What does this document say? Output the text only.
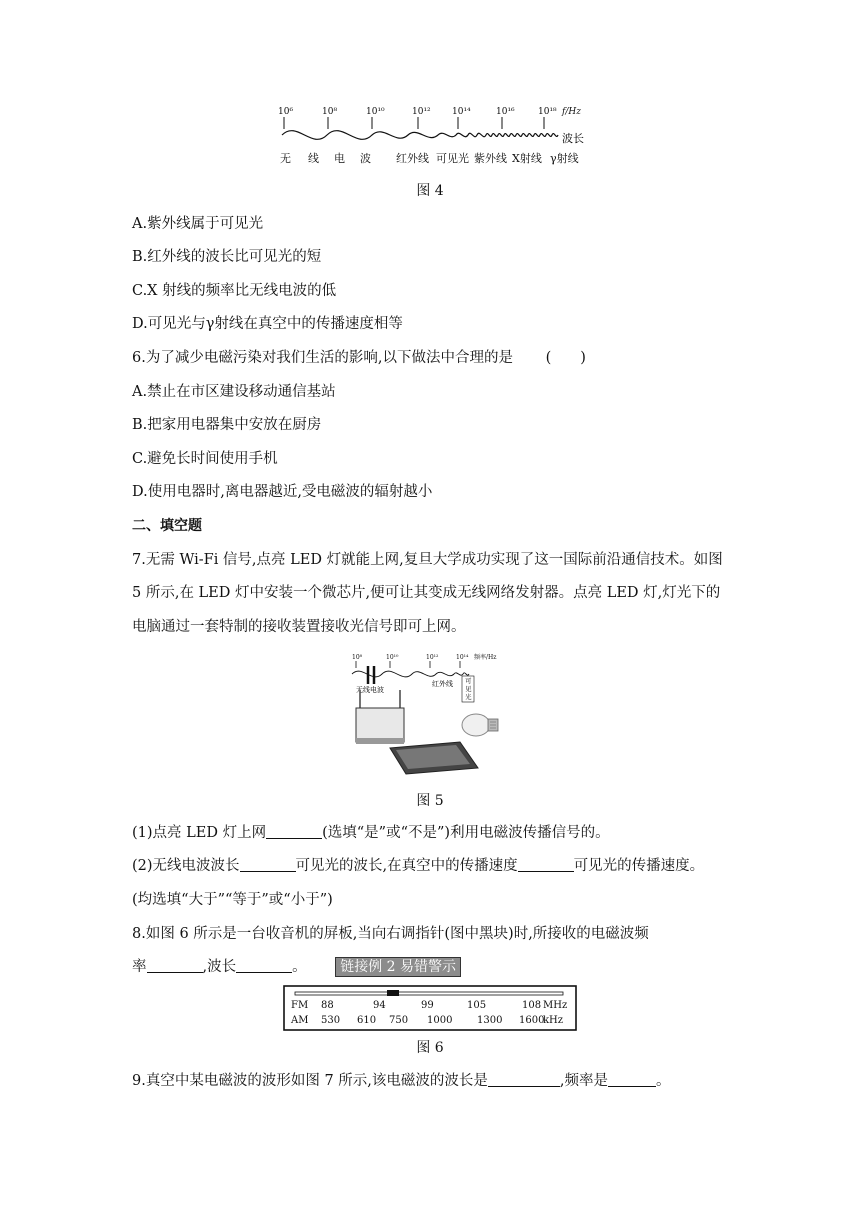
10⁶	10⁸	10¹⁰	10¹² 10¹⁴	10¹⁶	10¹⁸ f/Hz
波长
无 线 电 波 红外线 可见光 紫外线 X射线 γ射线
图 4
A.紫外线属于可见光
B.红外线的波长比可见光的短
C.X 射线的频率比无线电波的低
D.可见光与γ射线在真空中的传播速度相等
6.为了减少电磁污染对我们生活的影响,以下做法中合理的是 (　　)
A.禁止在市区建设移动通信基站
B.把家用电器集中安放在厨房
C.避免长时间使用手机
D.使用电器时,离电器越近,受电磁波的辐射越小
二、填空题
7.无需 Wi-Fi 信号,点亮 LED 灯就能上网,复旦大学成功实现了这一国际前沿通信技术。如图
5 所示,在 LED 灯中安装一个微芯片,便可让其变成无线网络发射器。点亮 LED 灯,灯光下的
电脑通过一套特制的接收装置接收光信号即可上网。
10⁸	10¹⁰	10¹²	10¹⁴ 频率/Hz
无线电波
红外线 可
见
光
图 5
(1)点亮 LED 灯上网	(选填“是”或“不是”)利用电磁波传播信号的。
(2)无线电波波长	可见光的波长,在真空中的传播速度	可见光的传播速度。
(均选填“大于”“等于”或“小于”)
8.如图 6 所示是一台收音机的屏板,当向右调指针(图中黑块)时,所接收的电磁波频
率	,波长	。 链接例 2 易错警示
FM 88	94	99	105	108 MHz
AM 530 610 750 1000 1300 1600
kHz
图 6
9.真空中某电磁波的波形如图 7 所示,该电磁波的波长是	,频率是	。
